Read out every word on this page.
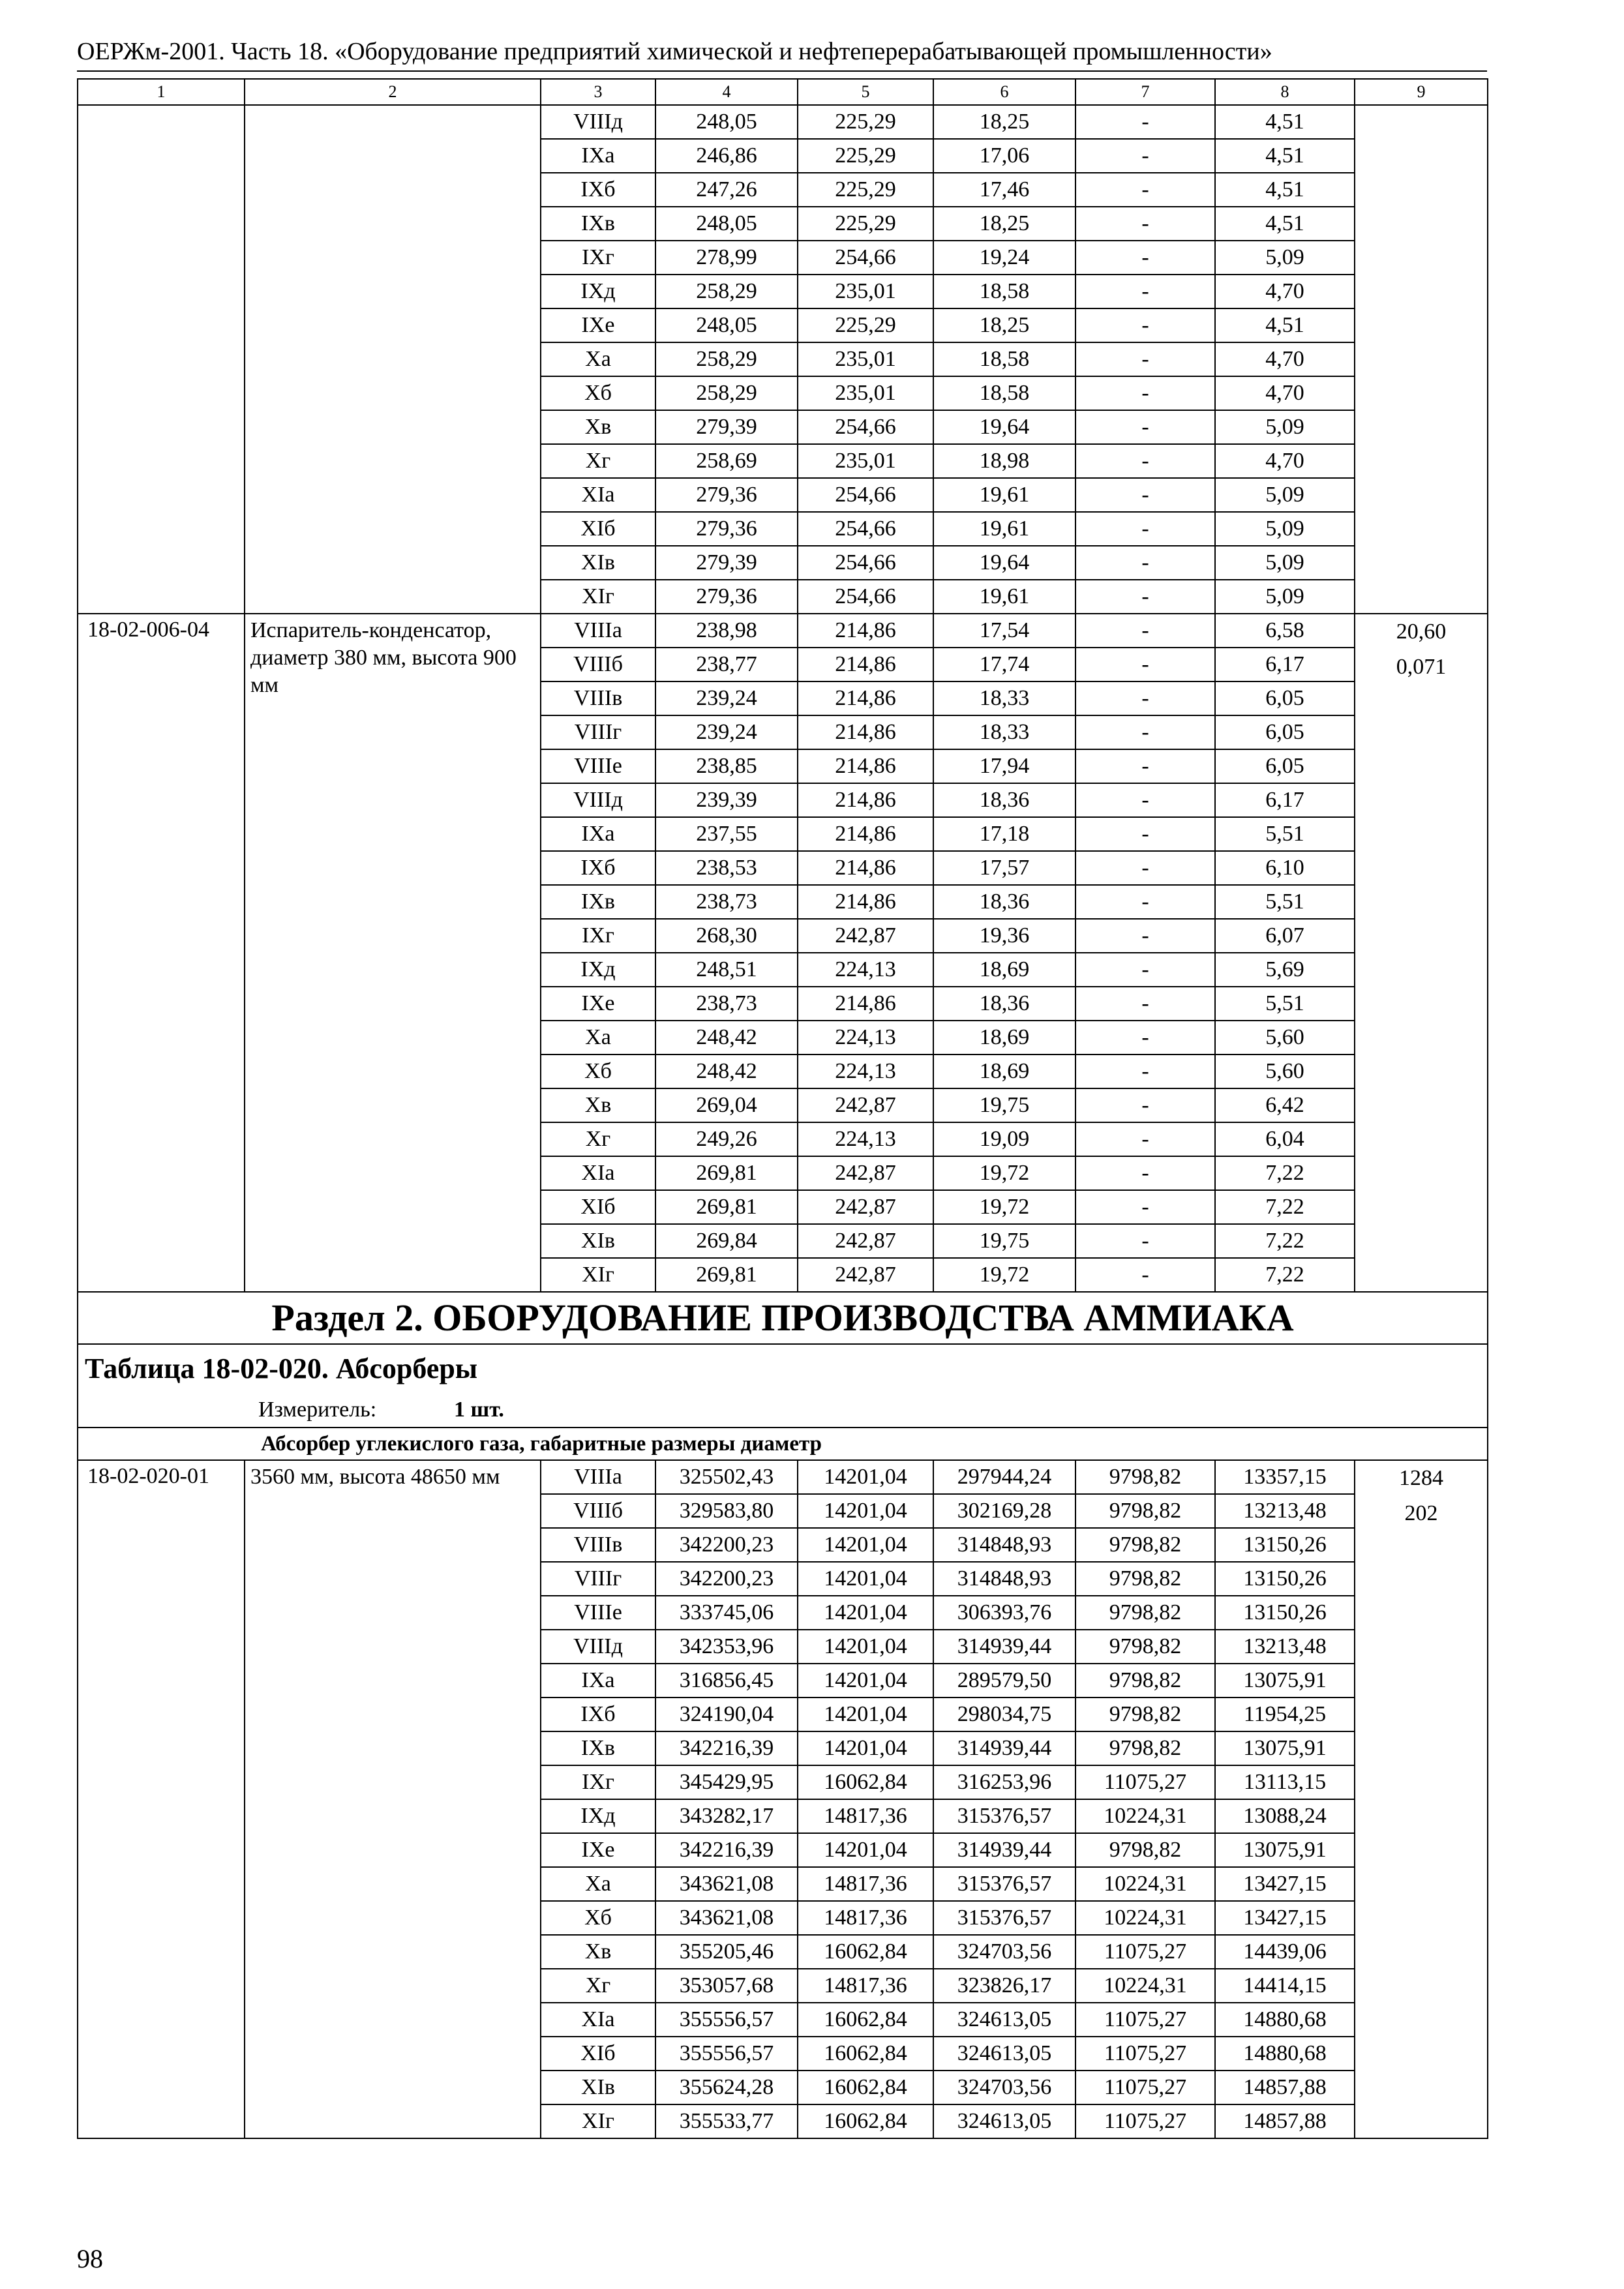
ОЕРЖм-2001. Часть 18. «Оборудование предприятий химической и нефтеперерабатывающей промышленности»
1	2	3	4	5	6	7	8	9
		VIIIд	248,05	225,29	18,25	-	4,51	
		IXа	246,86	225,29	17,06	-	4,51	
		IXб	247,26	225,29	17,46	-	4,51	
		IXв	248,05	225,29	18,25	-	4,51	
		IXг	278,99	254,66	19,24	-	5,09	
		IXд	258,29	235,01	18,58	-	4,70	
		IXе	248,05	225,29	18,25	-	4,51	
		Xа	258,29	235,01	18,58	-	4,70	
		Xб	258,29	235,01	18,58	-	4,70	
		Xв	279,39	254,66	19,64	-	5,09	
		Xг	258,69	235,01	18,98	-	4,70	
		XIа	279,36	254,66	19,61	-	5,09	
		XIб	279,36	254,66	19,61	-	5,09	
		XIв	279,39	254,66	19,64	-	5,09	
		XIг	279,36	254,66	19,61	-	5,09	
18-02-006-04	Испаритель-конденсатор, диаметр 380 мм, высота 900 мм	VIIIа	238,98	214,86	17,54	-	6,58	20,60
0,071

		VIIIб	238,77	214,86	17,74	-	6,17	
		VIIIв	239,24	214,86	18,33	-	6,05	
		VIIIг	239,24	214,86	18,33	-	6,05	
		VIIIе	238,85	214,86	17,94	-	6,05	
		VIIIд	239,39	214,86	18,36	-	6,17	
		IXа	237,55	214,86	17,18	-	5,51	
		IXб	238,53	214,86	17,57	-	6,10	
		IXв	238,73	214,86	18,36	-	5,51	
		IXг	268,30	242,87	19,36	-	6,07	
		IXд	248,51	224,13	18,69	-	5,69	
		IXе	238,73	214,86	18,36	-	5,51	
		Xа	248,42	224,13	18,69	-	5,60	
		Xб	248,42	224,13	18,69	-	5,60	
		Xв	269,04	242,87	19,75	-	6,42	
		Xг	249,26	224,13	19,09	-	6,04	
		XIа	269,81	242,87	19,72	-	7,22	
		XIб	269,81	242,87	19,72	-	7,22	
		XIв	269,84	242,87	19,75	-	7,22	
		XIг	269,81	242,87	19,72	-	7,22	
Раздел 2. ОБОРУДОВАНИЕ ПРОИЗВОДСТВА АММИАКА								
Таблица 18-02-020. Абсорберы								
Измеритель: 1 шт.								
Абсорбер углекислого газа, габаритные размеры диаметр								
18-02-020-01	3560 мм, высота 48650 мм	VIIIа	325502,43	14201,04	297944,24	9798,82	13357,15	1284
202

		VIIIб	329583,80	14201,04	302169,28	9798,82	13213,48	
		VIIIв	342200,23	14201,04	314848,93	9798,82	13150,26	
		VIIIг	342200,23	14201,04	314848,93	9798,82	13150,26	
		VIIIе	333745,06	14201,04	306393,76	9798,82	13150,26	
		VIIIд	342353,96	14201,04	314939,44	9798,82	13213,48	
		IXа	316856,45	14201,04	289579,50	9798,82	13075,91	
		IXб	324190,04	14201,04	298034,75	9798,82	11954,25	
		IXв	342216,39	14201,04	314939,44	9798,82	13075,91	
		IXг	345429,95	16062,84	316253,96	11075,27	13113,15	
		IXд	343282,17	14817,36	315376,57	10224,31	13088,24	
		IXе	342216,39	14201,04	314939,44	9798,82	13075,91	
		Xа	343621,08	14817,36	315376,57	10224,31	13427,15	
		Xб	343621,08	14817,36	315376,57	10224,31	13427,15	
		Xв	355205,46	16062,84	324703,56	11075,27	14439,06	
		Xг	353057,68	14817,36	323826,17	10224,31	14414,15	
		XIа	355556,57	16062,84	324613,05	11075,27	14880,68	
		XIб	355556,57	16062,84	324613,05	11075,27	14880,68	
		XIв	355624,28	16062,84	324703,56	11075,27	14857,88	
		XIг	355533,77	16062,84	324613,05	11075,27	14857,88	
98
